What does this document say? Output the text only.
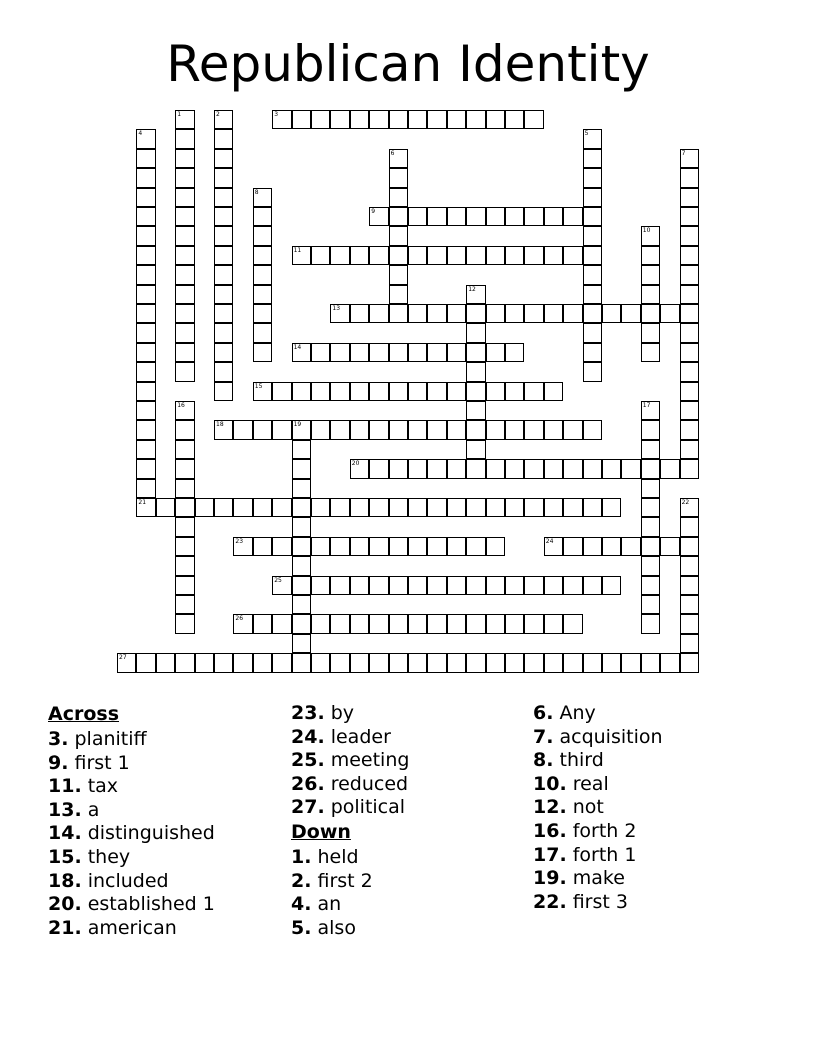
Republican Identity
3
9
11
13
14
15
18
20
21
23	24
25
26
27
1	2
4	5
6	7
8
10
12
16	17
19
22
Across
3. planitiff
9. first 1
11. tax
13. a
14. distinguished
15. they
18. included
20. established 1
21. american
23. by
24. leader
25. meeting
26. reduced
27. political
Down
1. held
2. first 2
4. an
5. also
6. Any
7. acquisition
8. third
10. real
12. not
16. forth 2
17. forth 1
19. make
22. first 3
